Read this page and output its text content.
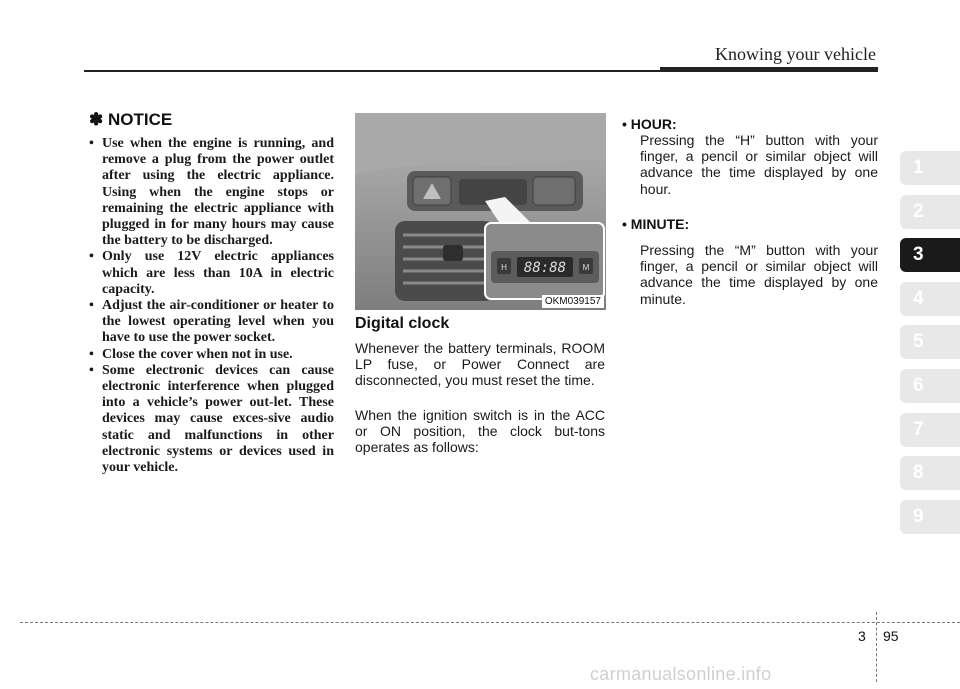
Knowing your vehicle
✽ NOTICE
• Use when the engine is running, and remove a plug from the power outlet after using the electric appliance. Using when the engine stops or remaining the electric appliance with plugged in for many hours may cause the battery to be discharged.
• Only use 12V electric appliances which are less than 10A in electric capacity.
• Adjust the air-conditioner or heater to the lowest operating level when you have to use the power socket.
• Close the cover when not in use.
• Some electronic devices can cause electronic interference when plugged into a vehicle’s power out-let. These devices may cause exces-sive audio static and malfunctions in other electronic systems or devices used in your vehicle.
H 88:88 M
OKM039157
Digital clock

Whenever the battery terminals, ROOM LP fuse, or Power Connect are disconnected, you must reset the time.

When the ignition switch is in the ACC or ON position, the clock but-tons operates as follows:

• HOUR:

Pressing the “H” button with your finger, a pencil or similar object will advance the time displayed by one hour.

• MINUTE:

Pressing the “M” button with your finger, a pencil or similar object will advance the time displayed by one minute.

1
2
3
4
5
6
7
8
9
3 95
carmanualsonline.info
